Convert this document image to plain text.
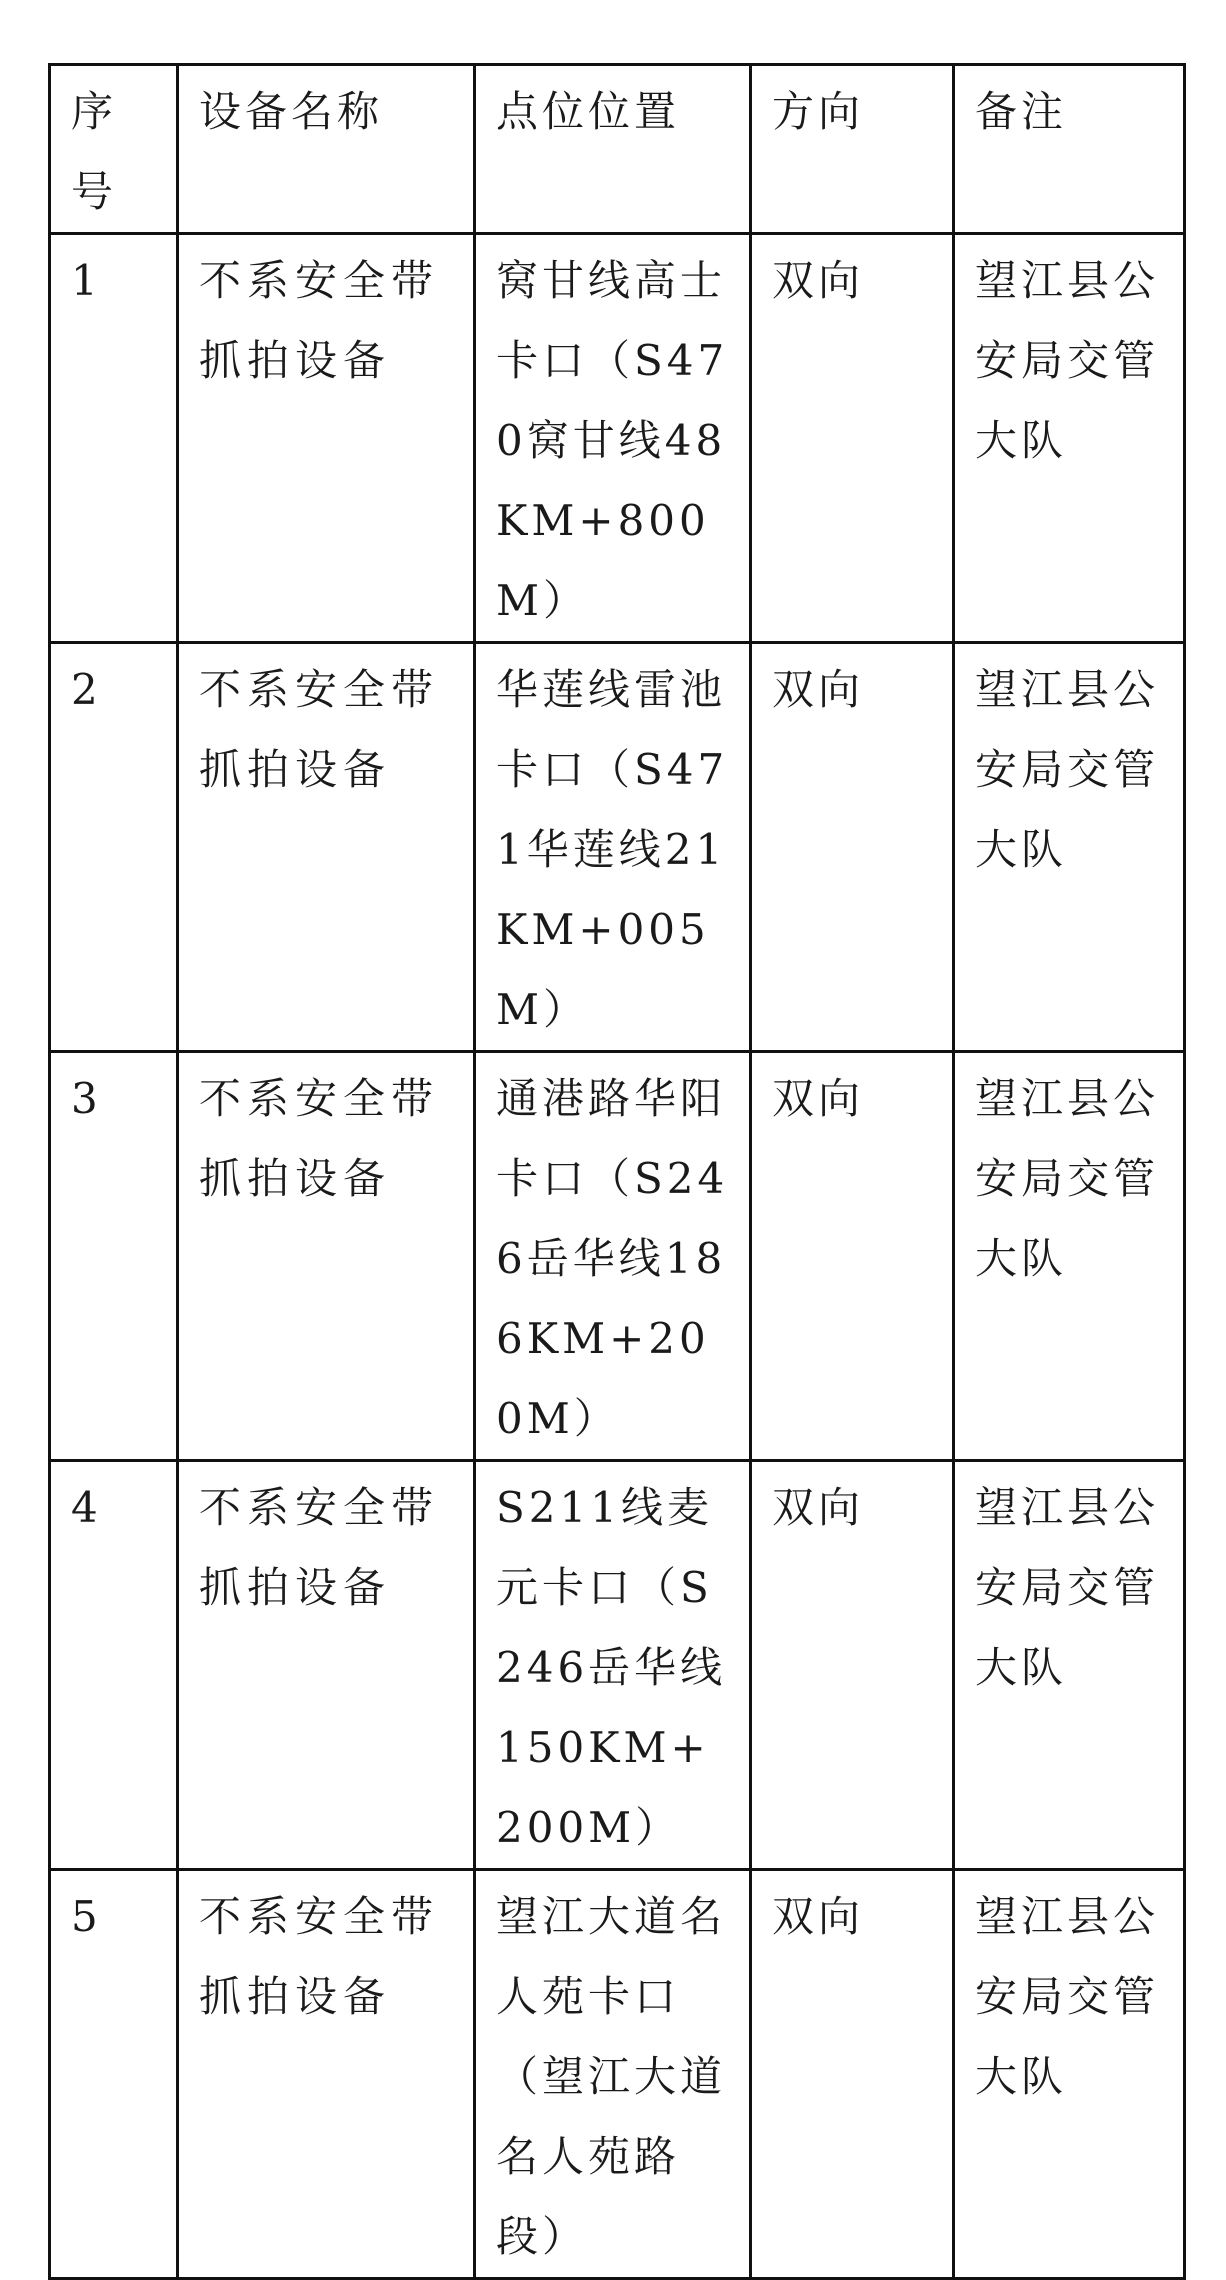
序号	设备名称	点位位置	方向	备注

1	不系安全带抓拍设备	窝甘线高士卡口（S470窝甘线48KM+800M）	双向	望江县公安局交管大队

2	不系安全带抓拍设备	华莲线雷池卡口（S471华莲线21KM+005M）	双向	望江县公安局交管大队

3	不系安全带抓拍设备	通港路华阳卡口（S246岳华线186KM+200M）	双向	望江县公安局交管大队

4	不系安全带抓拍设备	S211线麦元卡口（S246岳华线150KM+200M）	双向	望江县公安局交管大队

5	不系安全带抓拍设备	望江大道名人苑卡口（望江大道名人苑路段）	双向	望江县公安局交管大队
